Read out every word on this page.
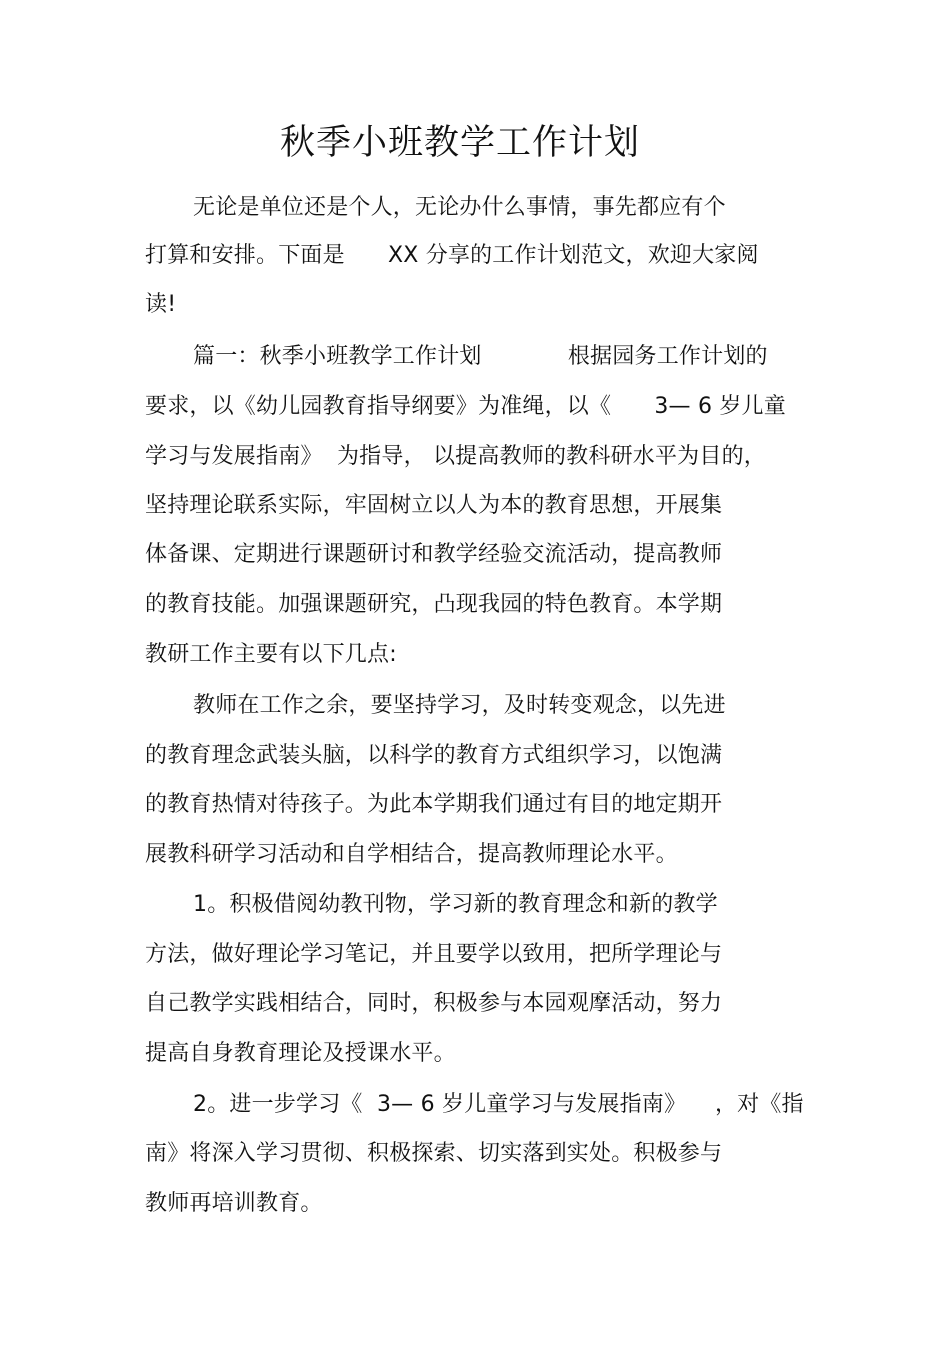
秋季小班教学工作计划
无论是单位还是个人，无论办什么事情，事先都应有个
打算和安排。下面是      XX 分享的工作计划范文，欢迎大家阅
读!
篇一：秋季小班教学工作计划            根据园务工作计划的
要求，以《幼儿园教育指导纲要》为准绳，以《      3— 6 岁儿童
学习与发展指南》  为指导， 以提高教师的教科研水平为目的，
坚持理论联系实际，牢固树立以人为本的教育思想，开展集
体备课、定期进行课题研讨和教学经验交流活动，提高教师
的教育技能。加强课题研究，凸现我园的特色教育。本学期
教研工作主要有以下几点:
教师在工作之余，要坚持学习，及时转变观念，以先进
的教育理念武装头脑，以科学的教育方式组织学习，以饱满
的教育热情对待孩子。为此本学期我们通过有目的地定期开
展教科研学习活动和自学相结合，提高教师理论水平。
1。积极借阅幼教刊物，学习新的教育理念和新的教学
方法，做好理论学习笔记，并且要学以致用，把所学理论与
自己教学实践相结合，同时，积极参与本园观摩活动，努力
提高自身教育理论及授课水平。
2。进一步学习《  3— 6 岁儿童学习与发展指南》    ，对《指
南》将深入学习贯彻、积极探索、切实落到实处。积极参与
教师再培训教育。
